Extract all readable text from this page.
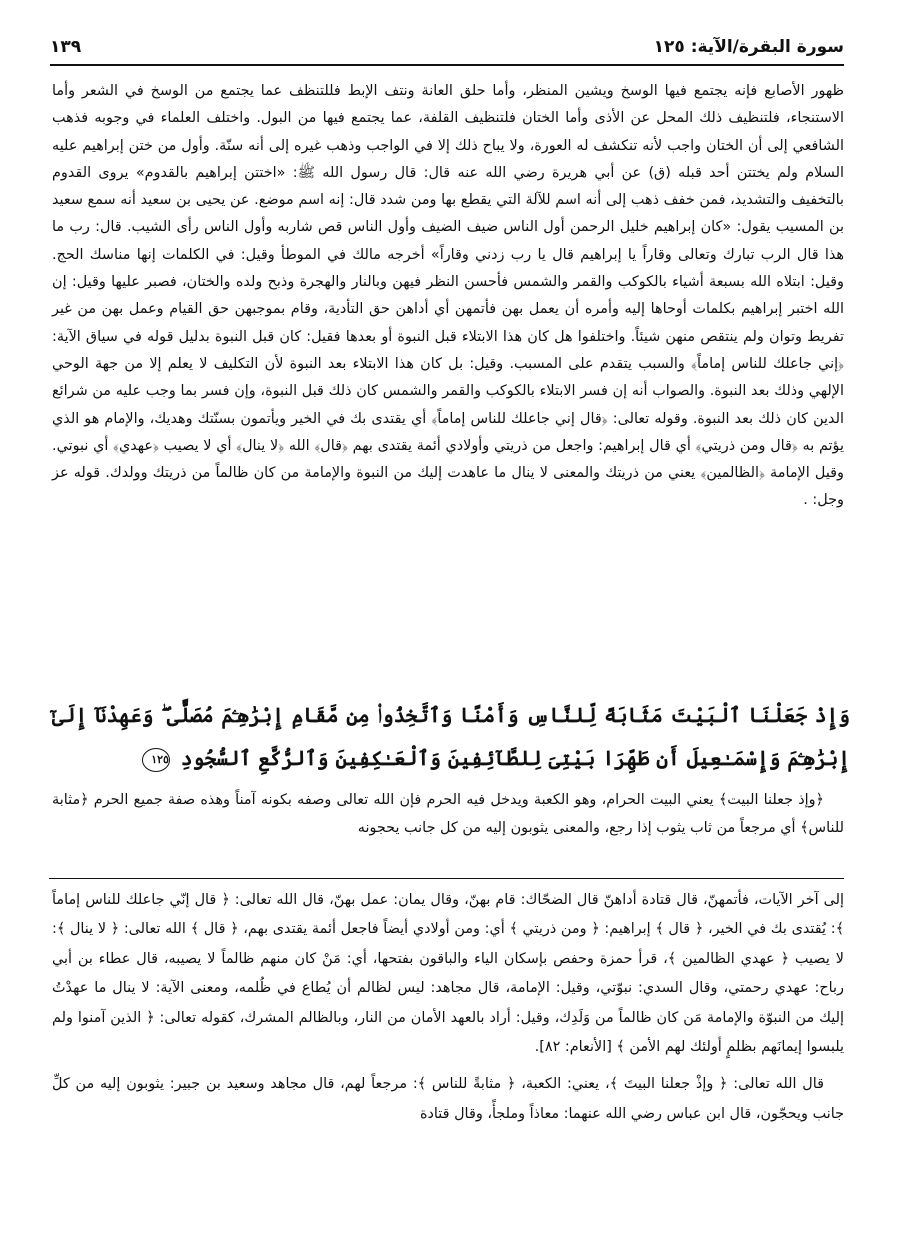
سورة البقرة/الآية: ١٢٥
١٣٩

ظهور الأصابع فإنه يجتمع فيها الوسخ ويشين المنظر، وأما حلق العانة ونتف الإبط فللتنظف عما يجتمع من الوسخ في الشعر وأما الاستنجاء، فلتنظيف ذلك المحل عن الأذى وأما الختان فلتنظيف القلفة، عما يجتمع فيها من البول. واختلف العلماء في وجوبه فذهب الشافعي إلى أن الختان واجب لأنه تنكشف له العورة، ولا يباح ذلك إلا في الواجب وذهب غيره إلى أنه سنّة. وأول من ختن إبراهيم عليه السلام ولم يختتن أحد قبله (ق) عن أبي هريرة رضي الله عنه قال: قال رسول الله ﷺ: «اختتن إبراهيم بالقدوم» يروى القدوم بالتخفيف والتشديد، فمن خفف ذهب إلى أنه اسم للآلة التي يقطع بها ومن شدد قال: إنه اسم موضع. عن يحيى بن سعيد أنه سمع سعيد بن المسيب يقول: «كان إبراهيم خليل الرحمن أول الناس ضيف الضيف وأول الناس قص شاربه وأول الناس رأى الشيب. قال: رب ما هذا قال الرب تبارك وتعالى وقاراً يا إبراهيم قال يا رب زدني وقاراً» أخرجه مالك في الموطأ وقيل: في الكلمات إنها مناسك الحج. وقيل: ابتلاه الله بسبعة أشياء بالكوكب والقمر والشمس فأحسن النظر فيهن وبالنار والهجرة وذبح ولده والختان، فصبر عليها وقيل: إن الله اختبر إبراهيم بكلمات أوحاها إليه وأمره أن يعمل بهن فأتمهن أي أداهن حق التأدية، وقام بموجبهن حق القيام وعمل بهن من غير تفريط وتوان ولم ينتقص منهن شيئاً. واختلفوا هل كان هذا الابتلاء قبل النبوة أو بعدها فقيل: كان قبل النبوة بدليل قوله في سياق الآية: ﴿إني جاعلك للناس إماماً﴾ والسبب يتقدم على المسبب. وقيل: بل كان هذا الابتلاء بعد النبوة لأن التكليف لا يعلم إلا من جهة الوحي الإلهي وذلك بعد النبوة. والصواب أنه إن فسر الابتلاء بالكوكب والقمر والشمس كان ذلك قبل النبوة، وإن فسر بما وجب عليه من شرائع الدين كان ذلك بعد النبوة. وقوله تعالى: ﴿قال إني جاعلك للناس إماماً﴾ أي يقتدى بك في الخير ويأتمون بسنّتك وهديك، والإمام هو الذي يؤتم به ﴿قال ومن ذريتي﴾ أي قال إبراهيم: واجعل من ذريتي وأولادي أئمة يقتدى بهم ﴿قال﴾ الله ﴿لا ينال﴾ أي لا يصيب ﴿عهدي﴾ أي نبوتي. وقيل الإمامة ﴿الظالمين﴾ يعني من ذريتك والمعنى لا ينال ما عاهدت إليك من النبوة والإمامة من كان ظالماً من ذريتك وولدك. قوله عز وجل: .

وَإِذْ جَعَلْنَا ٱلْبَيْتَ مَثَابَةً لِّلنَّاسِ وَأَمْنًا وَٱتَّخِذُوا۟ مِن مَّقَامِ إِبْرَٰهِـۧمَ مُصَلًّى ۖ وَعَهِدْنَآ إِلَىٰٓ إِبْرَٰهِـۧمَ وَإِسْمَـٰعِيلَ أَن طَهِّرَا بَيْتِىَ لِلطَّآئِفِينَ وَٱلْعَـٰكِفِينَ وَٱلرُّكَّعِ ٱلسُّجُودِ ١٢٥

﴿وإذ جعلنا البيت﴾ يعني البيت الحرام، وهو الكعبة ويدخل فيه الحرم فإن الله تعالى وصفه بكونه آمناً وهذه صفة جميع الحرم ﴿مثابة للناس﴾ أي مرجعاً من ثاب يثوب إذا رجع، والمعنى يثوبون إليه من كل جانب يحجونه

إلى آخر الآيات، فأتمهنّ، قال قتادة أداهنّ قال الضحّاك: قام بهنّ، وقال يمان: عمل بهنّ، قال الله تعالى: ﴿ قال إنّي جاعلك للناس إماماً ﴾: يُقتدى بك في الخير، ﴿ قال ﴾ إبراهيم: ﴿ ومن ذريتي ﴾ أي: ومن أولادي أيضاً فاجعل أئمة يقتدى بهم، ﴿ قال ﴾ الله تعالى: ﴿ لا ينال ﴾: لا يصيب ﴿ عهدي الظالمين ﴾، قرأ حمزة وحفص بإسكان الياء والباقون بفتحها، أي: مَنْ كان منهم ظالماً لا يصيبه، قال عطاء بن أبي رباح: عهدي رحمتي، وقال السدي: نبوّتي، وقيل: الإمامة، قال مجاهد: ليس لظالم أن يُطاع في ظُلمه، ومعنى الآية: لا ينال ما عهدْتُ إليك من النبوّة والإمامة مَن كان ظالماً من وَلَدِك، وقيل: أراد بالعهد الأمان من النار، وبالظالم المشرك، كقوله تعالى: ﴿ الذين آمنوا ولم يلبسوا إيمانَهم بظلمٍ أولئك لهم الأمن ﴾ [الأنعام: ٨٢].

قال الله تعالى: ﴿ وإذْ جعلنا البيتَ ﴾، يعني: الكعبة، ﴿ مثابةً للناس ﴾: مرجعاً لهم، قال مجاهد وسعيد بن جبير: يثوبون إليه من كلِّ جانب ويحجّون، قال ابن عباس رضي الله عنهما: معاذاً وملجأً، وقال قتادة
